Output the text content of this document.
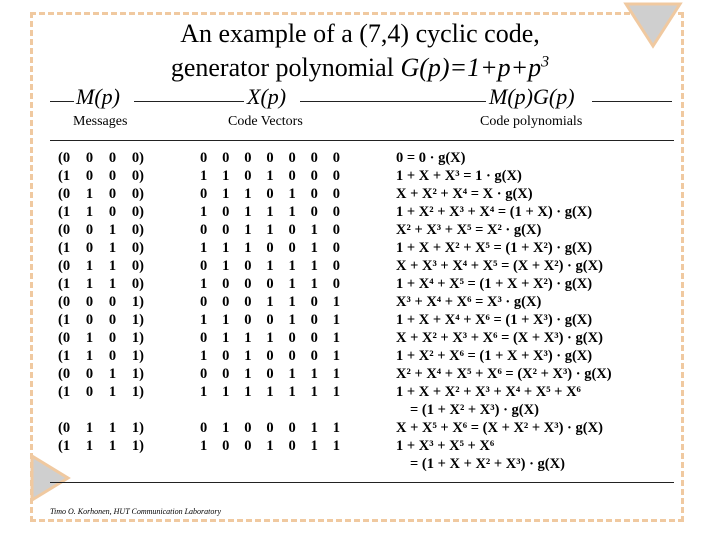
An example of a (7,4) cyclic code,
generator polynomial $G(p)=1+p+p^3$
M(p)	X(p)	M(p)G(p)
Messages	Code Vectors	Code polynomials
(0 0 0 0)	0 0 0 0 0 0 0	0 = 0 · g(X)
(1 0 0 0)	1 1 0 1 0 0 0	1 + X + X³ = 1 · g(X)
(0 1 0 0)	0 1 1 0 1 0 0	X + X² + X⁴ = X · g(X)
(1 1 0 0)	1 0 1 1 1 0 0	1 + X² + X³ + X⁴ = (1 + X) · g(X)
(0 0 1 0)	0 0 1 1 0 1 0	X² + X³ + X⁵ = X² · g(X)
(1 0 1 0)	1 1 1 0 0 1 0	1 + X + X² + X⁵ = (1 + X²) · g(X)
(0 1 1 0)	0 1 0 1 1 1 0	X + X³ + X⁴ + X⁵ = (X + X²) · g(X)
(1 1 1 0)	1 0 0 0 1 1 0	1 + X⁴ + X⁵ = (1 + X + X²) · g(X)
(0 0 0 1)	0 0 0 1 1 0 1	X³ + X⁴ + X⁶ = X³ · g(X)
(1 0 0 1)	1 1 0 0 1 0 1	1 + X + X⁴ + X⁶ = (1 + X³) · g(X)
(0 1 0 1)	0 1 1 1 0 0 1	X + X² + X³ + X⁶ = (X + X³) · g(X)
(1 1 0 1)	1 0 1 0 0 0 1	1 + X² + X⁶ = (1 + X + X³) · g(X)
(0 0 1 1)	0 0 1 0 1 1 1	X² + X⁴ + X⁵ + X⁶ = (X² + X³) · g(X)
(1 0 1 1)	1 1 1 1 1 1 1	1 + X + X² + X³ + X⁴ + X⁵ + X⁶
= (1 + X² + X³) · g(X)
(0 1 1 1)	0 1 0 0 0 1 1	X + X⁵ + X⁶ = (X + X² + X³) · g(X)
(1 1 1 1)	1 0 0 1 0 1 1	1 + X³ + X⁵ + X⁶
= (1 + X + X² + X³) · g(X)
Timo O. Korhonen, HUT Communication Laboratory
